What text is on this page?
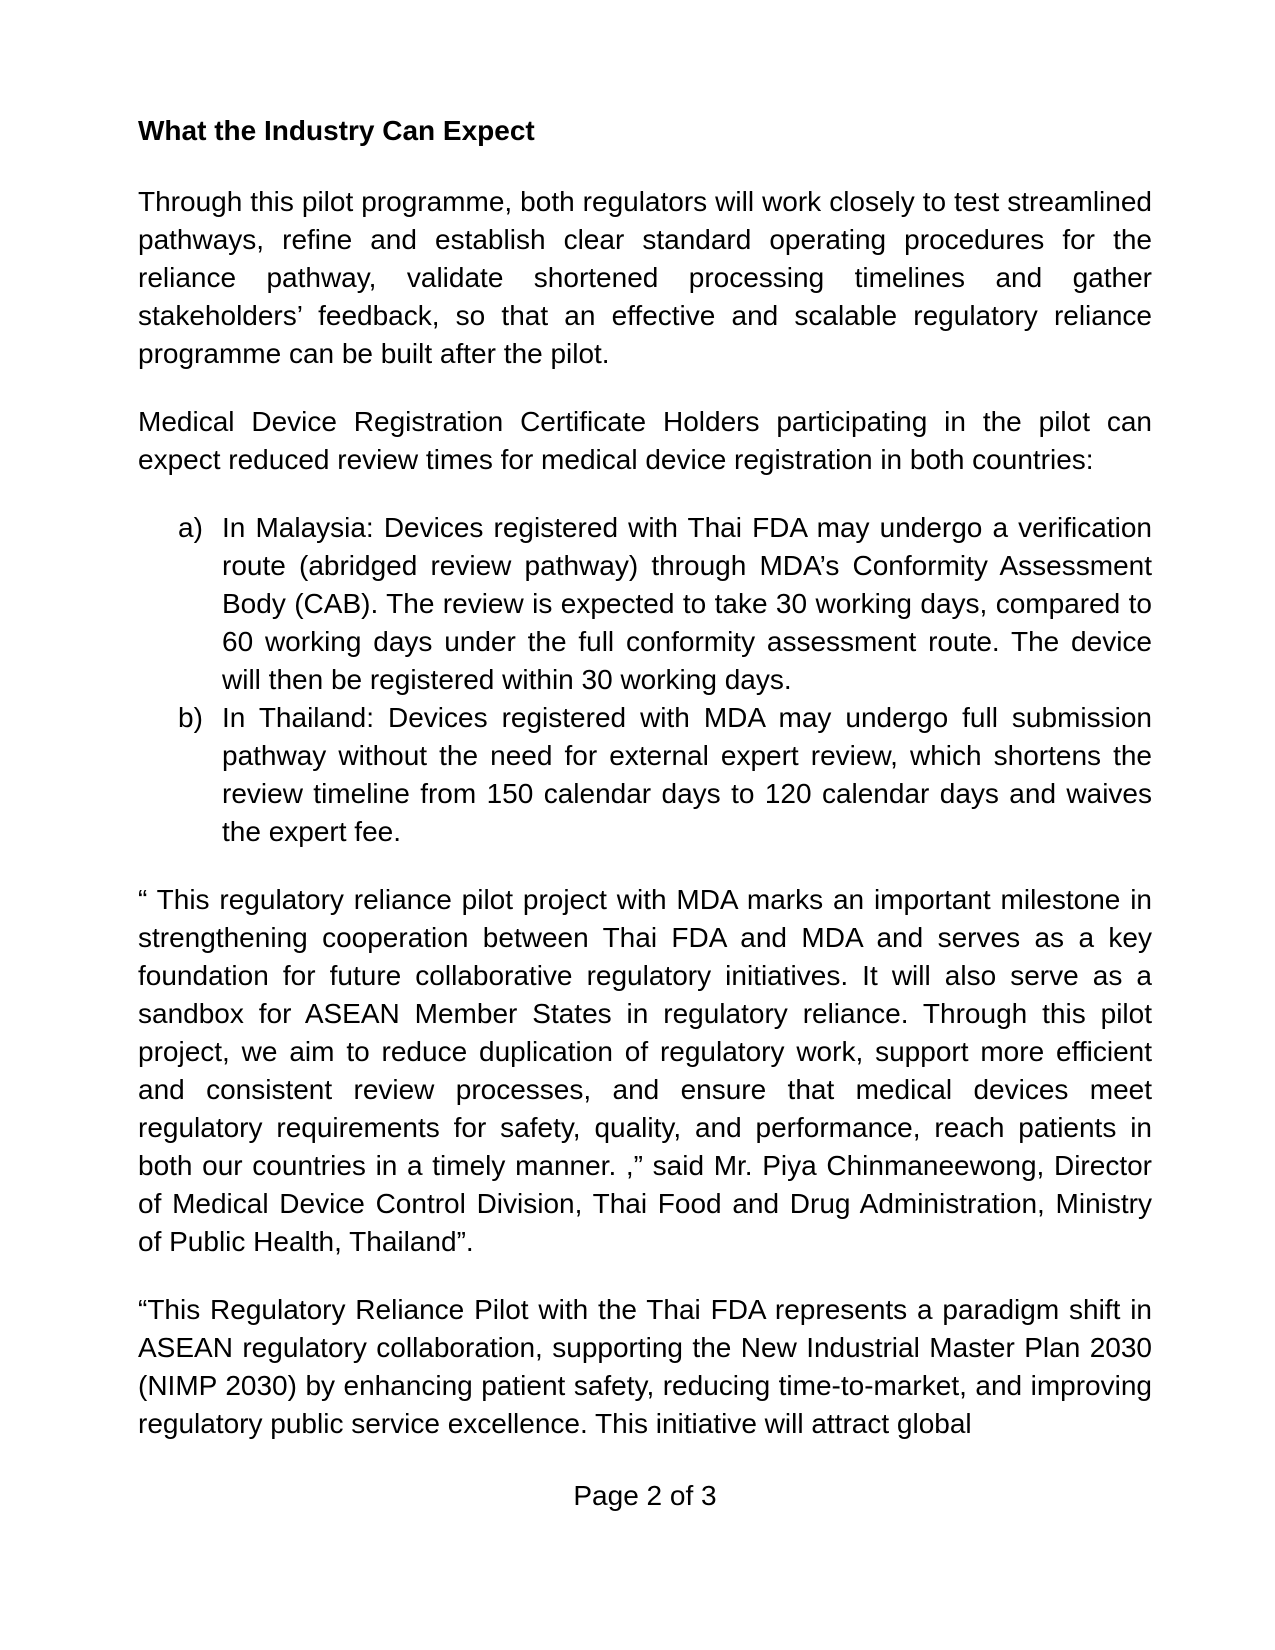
What the Industry Can Expect

Through this pilot programme, both regulators will work closely to test streamlined pathways, refine and establish clear standard operating procedures for the reliance pathway, validate shortened processing timelines and gather stakeholders’ feedback, so that an effective and scalable regulatory reliance programme can be built after the pilot.

Medical Device Registration Certificate Holders participating in the pilot can expect reduced review times for medical device registration in both countries:

a) In Malaysia: Devices registered with Thai FDA may undergo a verification route (abridged review pathway) through MDA’s Conformity Assessment Body (CAB). The review is expected to take 30 working days, compared to 60 working days under the full conformity assessment route. The device will then be registered within 30 working days.
b) In Thailand: Devices registered with MDA may undergo full submission pathway without the need for external expert review, which shortens the review timeline from 150 calendar days to 120 calendar days and waives the expert fee.

“ This regulatory reliance pilot project with MDA marks an important milestone in strengthening cooperation between Thai FDA and MDA and serves as a key foundation for future collaborative regulatory initiatives. It will also serve as a sandbox for ASEAN Member States in regulatory reliance. Through this pilot project, we aim to reduce duplication of regulatory work, support more efficient and consistent review processes, and ensure that medical devices meet regulatory requirements for safety, quality, and performance, reach patients in both our countries in a timely manner. ,” said Mr. Piya Chinmaneewong, Director of Medical Device Control Division, Thai Food and Drug Administration, Ministry of Public Health, Thailand”.

“This Regulatory Reliance Pilot with the Thai FDA represents a paradigm shift in ASEAN regulatory collaboration, supporting the New Industrial Master Plan 2030 (NIMP 2030) by enhancing patient safety, reducing time-to-market, and improving regulatory public service excellence. This initiative will attract global

Page 2 of 3
